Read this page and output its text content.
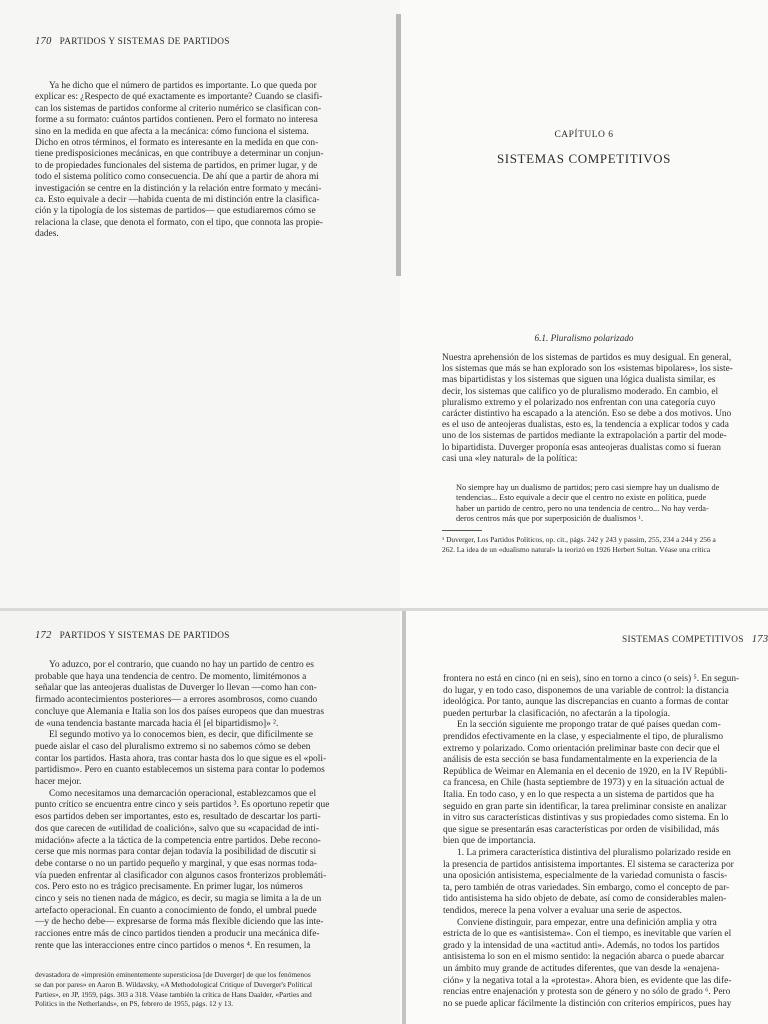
170 PARTIDOS Y SISTEMAS DE PARTIDOS
Ya he dicho que el número de partidos es importante. Lo que queda por
explicar es: ¿Respecto de qué exactamente es importante? Cuando se clasifi-
can los sistemas de partidos conforme al criterio numérico se clasifican con-
forme a su formato: cuántos partidos contienen. Pero el formato no interesa
sino en la medida en que afecta a la mecánica: cómo funciona el sistema.
Dicho en otros términos, el formato es interesante en la medida en que con-
tiene predisposiciones mecánicas, en que contribuye a determinar un conjun-
to de propiedades funcionales del sistema de partidos, en primer lugar, y de
todo el sistema político como consecuencia. De ahí que a partir de ahora mi
investigación se centre en la distinción y la relación entre formato y mecáni-
ca. Esto equivale a decir —habida cuenta de mi distinción entre la clasifica-
ción y la tipología de los sistemas de partidos— que estudiaremos cómo se
relaciona la clase, que denota el formato, con el tipo, que connota las propie-
dades.
CAPÍTULO 6
SISTEMAS COMPETITIVOS
6.1. Pluralismo polarizado
Nuestra aprehensión de los sistemas de partidos es muy desigual. En general,
los sistemas que más se han explorado son los «sistemas bipolares», los siste-
mas bipartidistas y los sistemas que siguen una lógica dualista similar, es
decir, los sistemas que califico yo de pluralismo moderado. En cambio, el
pluralismo extremo y el polarizado nos enfrentan con una categoría cuyo
carácter distintivo ha escapado a la atención. Eso se debe a dos motivos. Uno
es el uso de anteojeras dualistas, esto es, la tendencia a explicar todos y cada
uno de los sistemas de partidos mediante la extrapolación a partir del mode-
lo bipartidista. Duverger proponía esas anteojeras dualistas como si fueran
casi una «ley natural» de la política:
No siempre hay un dualismo de partidos; pero casi siempre hay un dualismo de
tendencias... Esto equivale a decir que el centro no existe en política, puede
haber un partido de centro, pero no una tendencia de centro... No hay verda-
deros centros más que por superposición de dualismos ¹.
¹ Duverger, Los Partidos Políticos, op. cit., págs. 242 y 243 y passim, 255, 234 a 244 y 256 a
262. La idea de un «dualismo natural» la teorizó en 1926 Herbert Sultan. Véase una crítica
172 PARTIDOS Y SISTEMAS DE PARTIDOS
Yo aduzco, por el contrario, que cuando no hay un partido de centro es
probable que haya una tendencia de centro. De momento, limitémonos a
señalar que las anteojeras dualistas de Duverger lo llevan —como han con-
firmado acontecimientos posteriores— a errores asombrosos, como cuando
concluye que Alemania e Italia son los dos países europeos que dan muestras
de «una tendencia bastante marcada hacia él [el bipartidismo]» ².
El segundo motivo ya lo conocemos bien, es decir, que difícilmente se
puede aislar el caso del pluralismo extremo si no sabemos cómo se deben
contar los partidos. Hasta ahora, tras contar hasta dos lo que sigue es el «poli-
partidismo». Pero en cuanto establecemos un sistema para contar lo podemos
hacer mejor.
Como necesitamos una demarcación operacional, establezcamos que el
punto crítico se encuentra entre cinco y seis partidos ³. Es oportuno repetir que
esos partidos deben ser importantes, esto es, resultado de descartar los parti-
dos que carecen de «utilidad de coalición», salvo que su «capacidad de inti-
midación» afecte a la táctica de la competencia entre partidos. Debe recono-
cerse que mis normas para contar dejan todavía la posibilidad de discutir si
debe contarse o no un partido pequeño y marginal, y que esas normas toda-
vía pueden enfrentar al clasificador con algunos casos fronterizos problemáti-
cos. Pero esto no es trágico precisamente. En primer lugar, los números
cinco y seis no tienen nada de mágico, es decir, su magia se limita a la de un
artefacto operacional. En cuanto a conocimiento de fondo, el umbral puede
—y de hecho debe— expresarse de forma más flexible diciendo que las inte-
racciones entre más de cinco partidos tienden a producir una mecánica dife-
rente que las interacciones entre cinco partidos o menos ⁴. En resumen, la
devastadora de «impresión eminentemente supersticiosa [de Duverger] de que los fenómenos
se dan por pares» en Aaron B. Wildavsky, «A Methodological Critique of Duverger's Political
Parties», en JP, 1959, págs. 303 a 318. Véase también la crítica de Hans Daalder, «Parties and
Politics in the Netherlands», en PS, febrero de 1955, págs. 12 y 13.
SISTEMAS COMPETITIVOS 173
frontera no está en cinco (ni en seis), sino en torno a cinco (o seis) ⁵. En segun-
do lugar, y en todo caso, disponemos de una variable de control: la distancia
ideológica. Por tanto, aunque las discrepancias en cuanto a formas de contar
pueden perturbar la clasificación, no afectarán a la tipología.
En la sección siguiente me propongo tratar de qué países quedan com-
prendidos efectivamente en la clase, y especialmente el tipo, de pluralismo
extremo y polarizado. Como orientación preliminar baste con decir que el
análisis de esta sección se basa fundamentalmente en la experiencia de la
República de Weimar en Alemania en el decenio de 1920, en la IV Repúbli-
ca francesa, en Chile (hasta septiembre de 1973) y en la situación actual de
Italia. En todo caso, y en lo que respecta a un sistema de partidos que ha
seguido en gran parte sin identificar, la tarea preliminar consiste en analizar
in vitro sus características distintivas y sus propiedades como sistema. En lo
que sigue se presentarán esas características por orden de visibilidad, más
bien que de importancia.
1. La primera característica distintiva del pluralismo polarizado reside en
la presencia de partidos antisistema importantes. El sistema se caracteriza por
una oposición antisistema, especialmente de la variedad comunista o fascis-
ta, pero también de otras variedades. Sin embargo, como el concepto de par-
tido antisistema ha sido objeto de debate, así como de considerables malen-
tendidos, merece la pena volver a evaluar una serie de aspectos.
Conviene distinguir, para empezar, entre una definición amplia y otra
estricta de lo que es «antisistema». Con el tiempo, es inevitable que varíen el
grado y la intensidad de una «actitud anti». Además, no todos los partidos
antisistema lo son en el mismo sentido: la negación abarca o puede abarcar
un ámbito muy grande de actitudes diferentes, que van desde la «enajena-
ción» y la negativa total a la «protesta». Ahora bien, es evidente que las dife-
rencias entre enajenación y protesta son de género y no sólo de grado ⁶. Pero
no se puede aplicar fácilmente la distinción con criterios empíricos, pues hay
